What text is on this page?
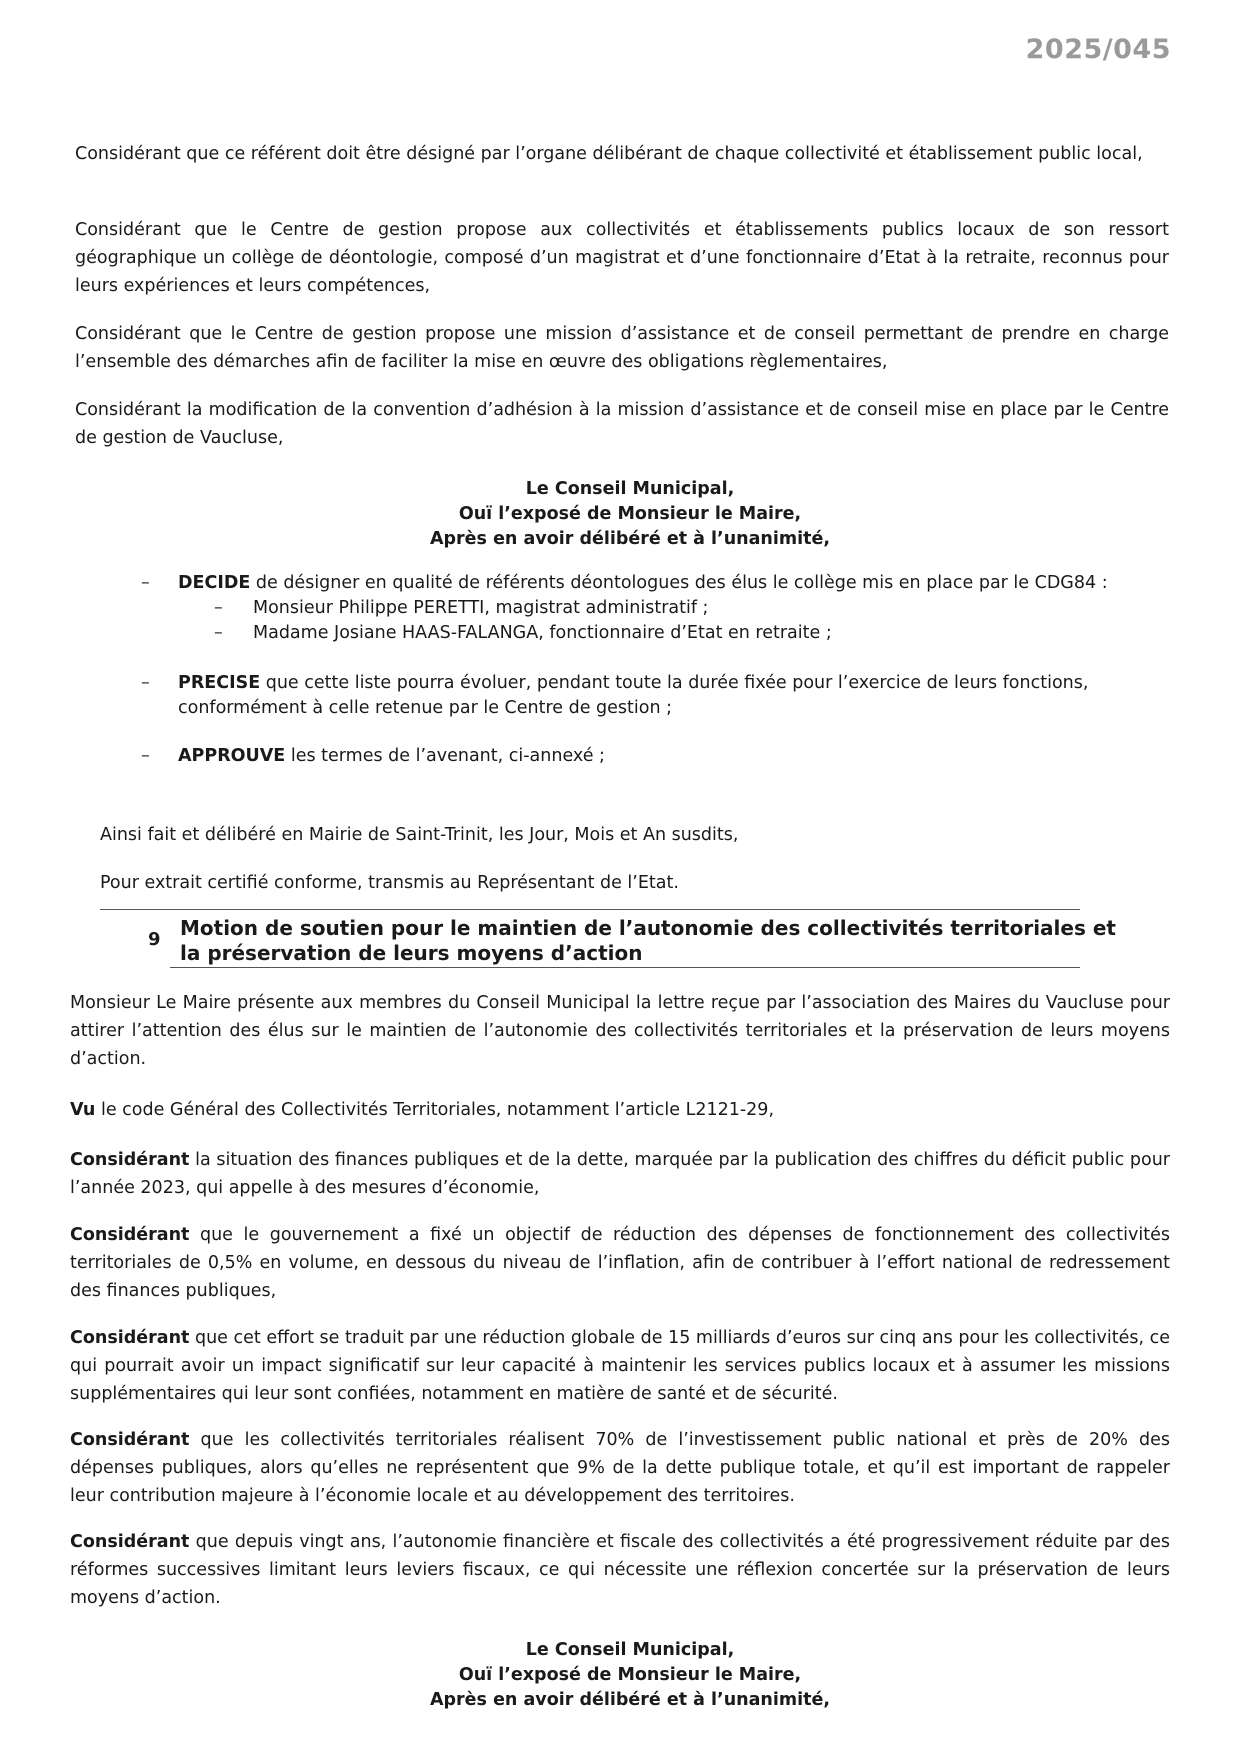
2025/045

Considérant que ce référent doit être désigné par l’organe délibérant de chaque collectivité et établissement public local,

Considérant que le Centre de gestion propose aux collectivités et établissements publics locaux de son ressort géographique un collège de déontologie, composé d’un magistrat et d’une fonctionnaire d’Etat à la retraite, reconnus pour leurs expériences et leurs compétences,

Considérant que le Centre de gestion propose une mission d’assistance et de conseil permettant de prendre en charge l’ensemble des démarches afin de faciliter la mise en œuvre des obligations règlementaires,

Considérant la modification de la convention d’adhésion à la mission d’assistance et de conseil mise en place par le Centre de gestion de Vaucluse,

Le Conseil Municipal,
Ouï l’exposé de Monsieur le Maire,
Après en avoir délibéré et à l’unanimité,
– DECIDE de désigner en qualité de référents déontologues des élus le collège mis en place par le CDG84 :
– Monsieur Philippe PERETTI, magistrat administratif ;
– Madame Josiane HAAS-FALANGA, fonctionnaire d’Etat en retraite ;
– PRECISE que cette liste pourra évoluer, pendant toute la durée fixée pour l’exercice de leurs fonctions, conformément à celle retenue par le Centre de gestion ;
– APPROUVE les termes de l’avenant, ci-annexé ;
Ainsi fait et délibéré en Mairie de Saint-Trinit, les Jour, Mois et An susdits,
Pour extrait certifié conforme, transmis au Représentant de l’Etat.
9 Motion de soutien pour le maintien de l’autonomie des collectivités territoriales et
la préservation de leurs moyens d’action

Monsieur Le Maire présente aux membres du Conseil Municipal la lettre reçue par l’association des Maires du Vaucluse pour attirer l’attention des élus sur le maintien de l’autonomie des collectivités territoriales et la préservation de leurs moyens d’action.

Vu le code Général des Collectivités Territoriales, notamment l’article L2121-29,

Considérant la situation des finances publiques et de la dette, marquée par la publication des chiffres du déficit public pour l’année 2023, qui appelle à des mesures d’économie,

Considérant que le gouvernement a fixé un objectif de réduction des dépenses de fonctionnement des collectivités territoriales de 0,5% en volume, en dessous du niveau de l’inflation, afin de contribuer à l’effort national de redressement des finances publiques,

Considérant que cet effort se traduit par une réduction globale de 15 milliards d’euros sur cinq ans pour les collectivités, ce qui pourrait avoir un impact significatif sur leur capacité à maintenir les services publics locaux et à assumer les missions supplémentaires qui leur sont confiées, notamment en matière de santé et de sécurité.

Considérant que les collectivités territoriales réalisent 70% de l’investissement public national et près de 20% des dépenses publiques, alors qu’elles ne représentent que 9% de la dette publique totale, et qu’il est important de rappeler leur contribution majeure à l’économie locale et au développement des territoires.

Considérant que depuis vingt ans, l’autonomie financière et fiscale des collectivités a été progressivement réduite par des réformes successives limitant leurs leviers fiscaux, ce qui nécessite une réflexion concertée sur la préservation de leurs moyens d’action.

Le Conseil Municipal,
Ouï l’exposé de Monsieur le Maire,
Après en avoir délibéré et à l’unanimité,
